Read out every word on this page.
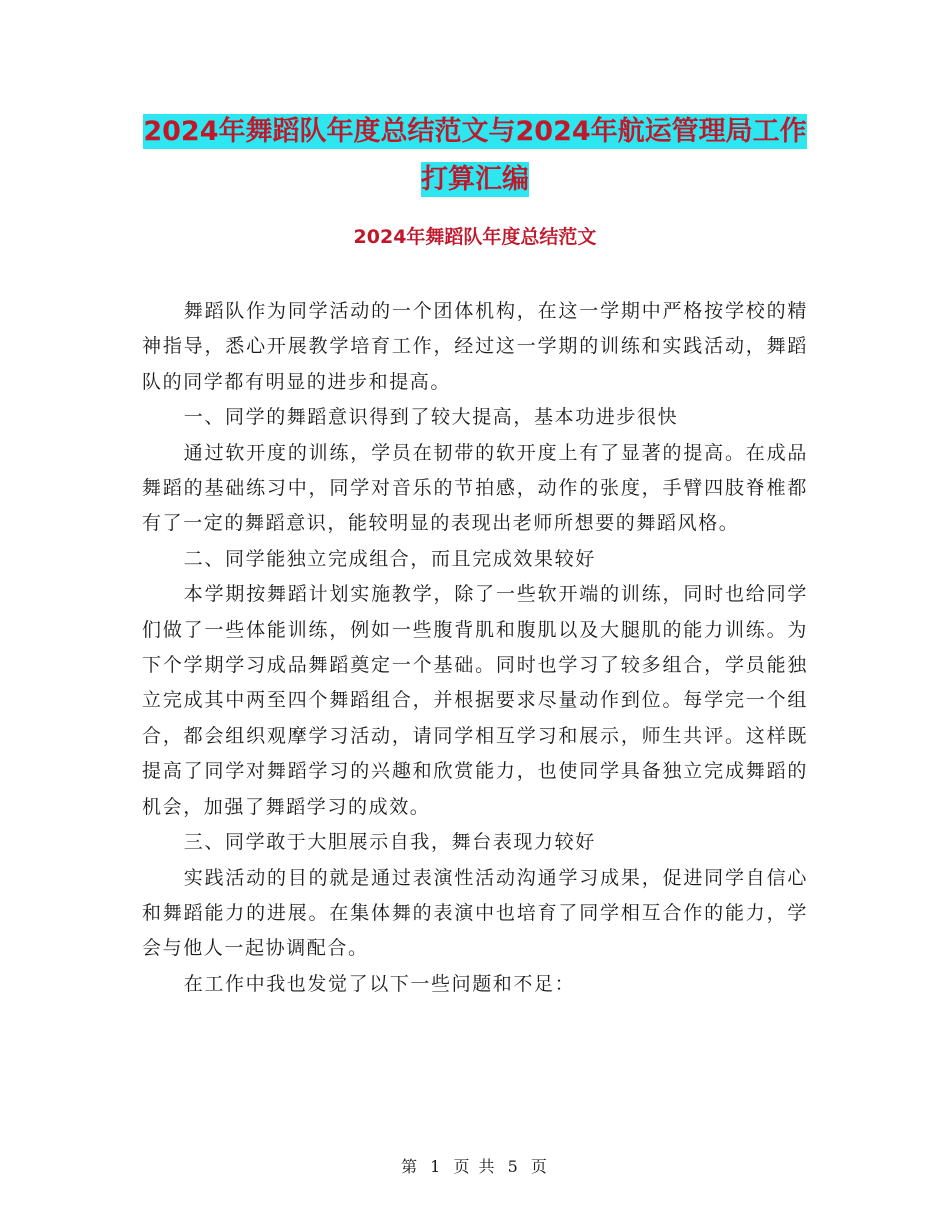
2024年舞蹈队年度总结范文与2024年航运管理局工作
打算汇编
2024年舞蹈队年度总结范文

舞蹈队作为同学活动的一个团体机构，在这一学期中严格按学校的精神指导，悉心开展教学培育工作，经过这一学期的训练和实践活动，舞蹈队的同学都有明显的进步和提高。

一、同学的舞蹈意识得到了较大提高，基本功进步很快

通过软开度的训练，学员在韧带的软开度上有了显著的提高。在成品舞蹈的基础练习中，同学对音乐的节拍感，动作的张度，手臂四肢脊椎都有了一定的舞蹈意识，能较明显的表现出老师所想要的舞蹈风格。

二、同学能独立完成组合，而且完成效果较好

本学期按舞蹈计划实施教学，除了一些软开端的训练，同时也给同学们做了一些体能训练，例如一些腹背肌和腹肌以及大腿肌的能力训练。为下个学期学习成品舞蹈奠定一个基础。同时也学习了较多组合，学员能独立完成其中两至四个舞蹈组合，并根据要求尽量动作到位。每学完一个组合，都会组织观摩学习活动，请同学相互学习和展示，师生共评。这样既提高了同学对舞蹈学习的兴趣和欣赏能力，也使同学具备独立完成舞蹈的机会，加强了舞蹈学习的成效。

三、同学敢于大胆展示自我，舞台表现力较好

实践活动的目的就是通过表演性活动沟通学习成果，促进同学自信心和舞蹈能力的进展。在集体舞的表演中也培育了同学相互合作的能力，学会与他人一起协调配合。

在工作中我也发觉了以下一些问题和不足：

第 1 页 共 5 页
